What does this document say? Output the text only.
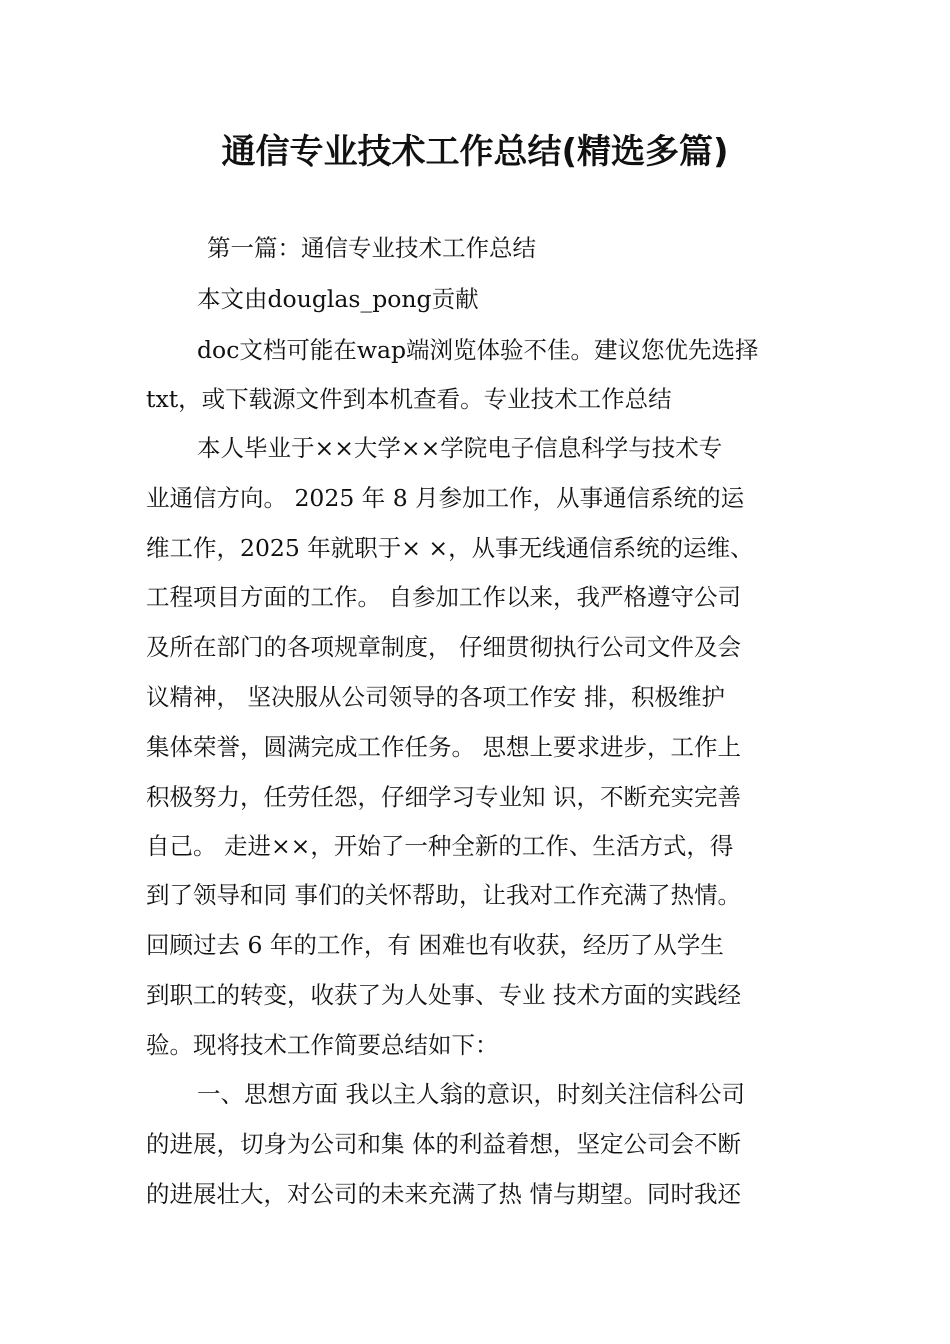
通信专业技术工作总结(精选多篇)
第一篇：通信专业技术工作总结
本文由douglas_pong贡献
doc文档可能在wap端浏览体验不佳。建议您优先选择
txt，或下载源文件到本机查看。专业技术工作总结
本人毕业于××大学××学院电子信息科学与技术专
业通信方向。 2025 年 8 月参加工作，从事通信系统的运
维工作，2025 年就职于× ×，从事无线通信系统的运维、
工程项目方面的工作。 自参加工作以来，我严格遵守公司
及所在部门的各项规章制度， 仔细贯彻执行公司文件及会
议精神， 坚决服从公司领导的各项工作安 排，积极维护
集体荣誉，圆满完成工作任务。 思想上要求进步，工作上
积极努力，任劳任怨，仔细学习专业知 识，不断充实完善
自己。 走进××，开始了一种全新的工作、生活方式，得
到了领导和同 事们的关怀帮助，让我对工作充满了热情。
回顾过去 6 年的工作，有 困难也有收获，经历了从学生
到职工的转变，收获了为人处事、专业 技术方面的实践经
验。现将技术工作简要总结如下：
一、思想方面 我以主人翁的意识，时刻关注信科公司
的进展，切身为公司和集 体的利益着想，坚定公司会不断
的进展壮大，对公司的未来充满了热 情与期望。同时我还
